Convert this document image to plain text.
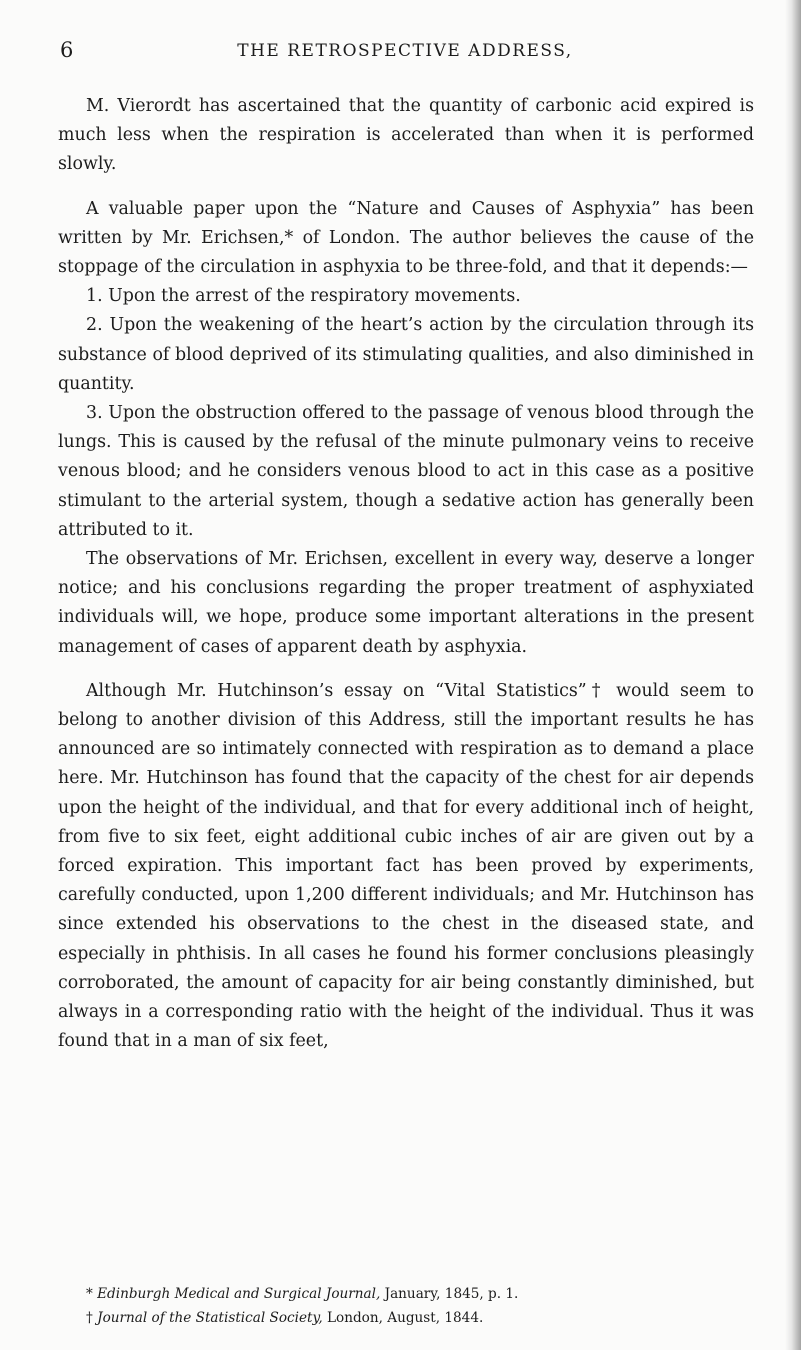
6	THE RETROSPECTIVE ADDRESS,

M. Vierordt has ascertained that the quantity of carbonic acid expired is much less when the respiration is accelerated than when it is performed slowly.

A valuable paper upon the “Nature and Causes of Asphyxia” has been written by Mr. Erichsen,* of London. The author believes the cause of the stoppage of the circulation in asphyxia to be three-fold, and that it depends:—

1. Upon the arrest of the respiratory movements.

2. Upon the weakening of the heart’s action by the circulation through its substance of blood deprived of its stimulating qualities, and also diminished in quantity.

3. Upon the obstruction offered to the passage of venous blood through the lungs. This is caused by the refusal of the minute pulmonary veins to receive venous blood; and he considers venous blood to act in this case as a positive stimulant to the arterial system, though a sedative action has generally been attributed to it.

The observations of Mr. Erichsen, excellent in every way, deserve a longer notice; and his conclusions regarding the proper treatment of asphyxiated individuals will, we hope, produce some important alterations in the present management of cases of apparent death by asphyxia.

Although Mr. Hutchinson’s essay on “Vital Statistics”† would seem to belong to another division of this Address, still the important results he has announced are so intimately connected with respiration as to demand a place here. Mr. Hutchinson has found that the capacity of the chest for air depends upon the height of the individual, and that for every additional inch of height, from five to six feet, eight additional cubic inches of air are given out by a forced expiration. This important fact has been proved by experiments, carefully conducted, upon 1,200 different individuals; and Mr. Hutchinson has since extended his observations to the chest in the diseased state, and especially in phthisis. In all cases he found his former conclusions pleasingly corroborated, the amount of capacity for air being constantly diminished, but always in a corresponding ratio with the height of the individual. Thus it was found that in a man of six feet,

* Edinburgh Medical and Surgical Journal, January, 1845, p. 1.

† Journal of the Statistical Society, London, August, 1844.
